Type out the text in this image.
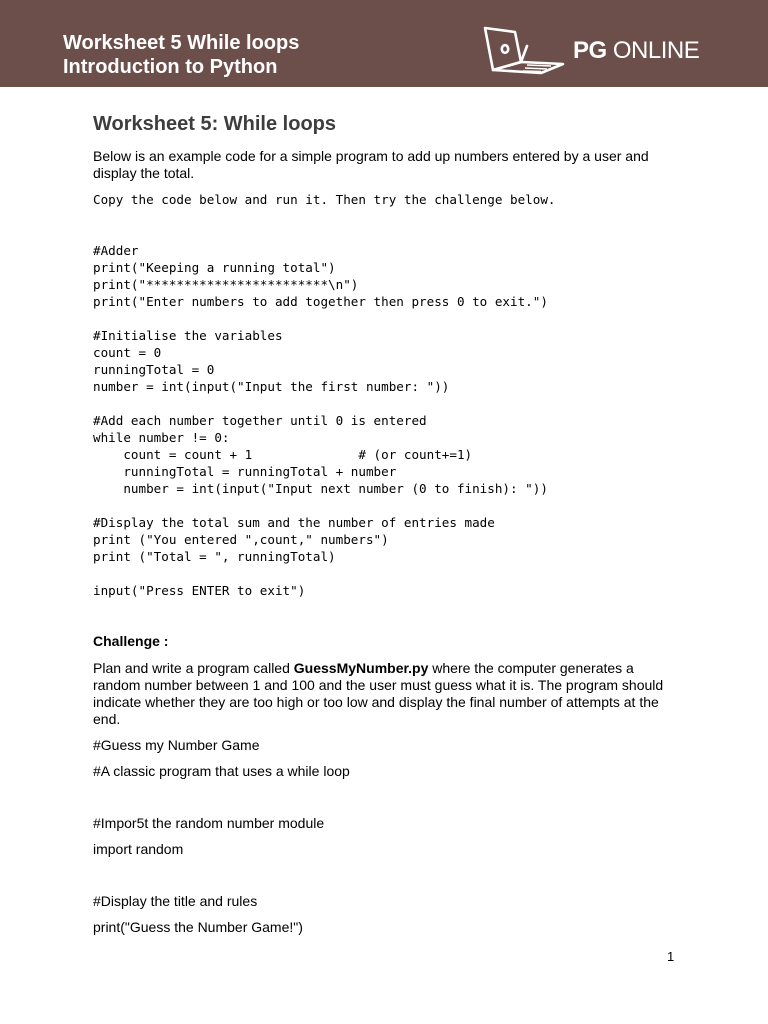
Worksheet 5 While loops
Introduction to Python
PG ONLINE
Worksheet 5: While loops

Below is an example code for a simple program to add up numbers entered by a user and display the total.

Copy the code below and run it. Then try the challenge below.

#Adder
print("Keeping a running total")
print("************************\n")
print("Enter numbers to add together then press 0 to exit.")

#Initialise the variables
count = 0
runningTotal = 0
number = int(input("Input the first number: "))

#Add each number together until 0 is entered
while number != 0:
count = count + 1              # (or count+=1)
runningTotal = runningTotal + number
number = int(input("Input next number (0 to finish): "))

#Display the total sum and the number of entries made
print ("You entered ",count," numbers")
print ("Total = ", runningTotal)

input("Press ENTER to exit")

Challenge :

Plan and write a program called GuessMyNumber.py where the computer generates a random number between 1 and 100 and the user must guess what it is. The program should indicate whether they are too high or too low and display the final number of attempts at the end.

#Guess my Number Game

#A classic program that uses a while loop

#Impor5t the random number module

import random

#Display the title and rules

print("Guess the Number Game!")

1
